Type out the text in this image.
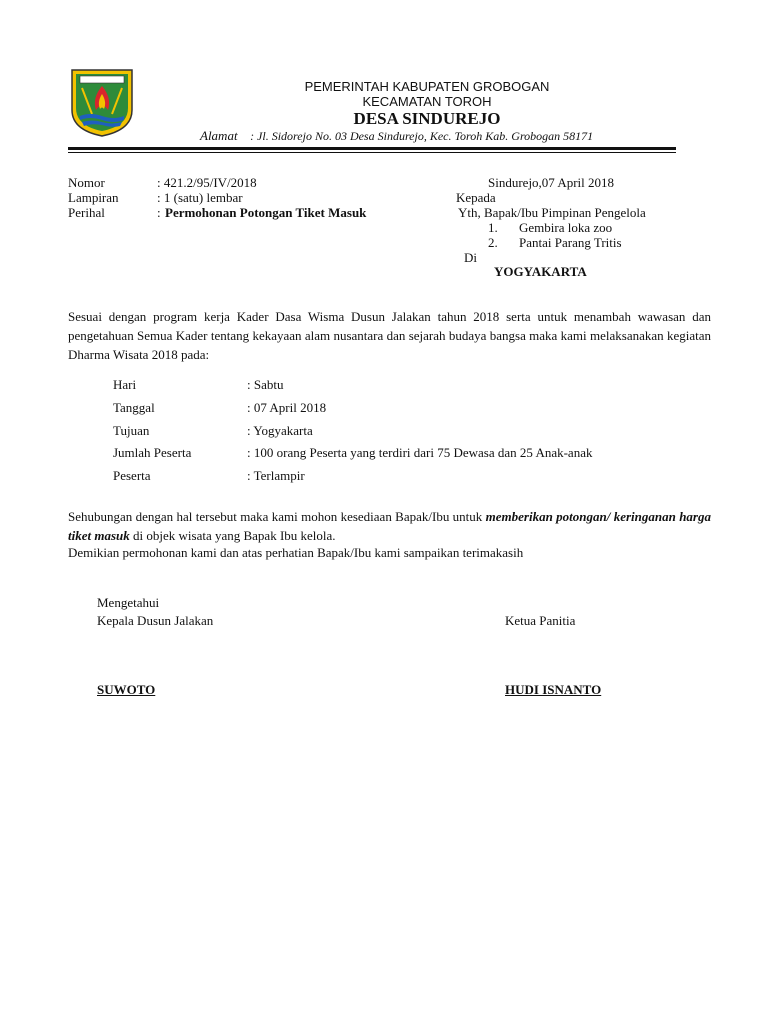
PEMERINTAH KABUPATEN GROBOGAN
KECAMATAN TOROH
DESA SINDUREJO
Alamat : Jl. Sidorejo No. 03 Desa Sindurejo, Kec. Toroh Kab. Grobogan 58171
Nomor	: 421.2/95/IV/2018
Lampiran	: 1 (satu) lembar
Perihal	: Permohonan Potongan Tiket Masuk
Sindurejo,07 April 2018
Kepada
Yth, Bapak/Ibu Pimpinan Pengelola
1. Gembira loka zoo
2. Pantai Parang Tritis
Di
YOGYAKARTA
Sesuai dengan program kerja Kader Dasa Wisma Dusun Jalakan tahun 2018 serta untuk menambah wawasan dan pengetahuan Semua Kader tentang kekayaan alam nusantara dan sejarah budaya bangsa maka kami melaksanakan kegiatan Dharma Wisata 2018 pada:
Hari	: Sabtu
Tanggal	: 07 April 2018
Tujuan	: Yogyakarta
Jumlah Peserta	: 100 orang Peserta yang terdiri dari 75 Dewasa dan 25 Anak-anak
Peserta	: Terlampir
Sehubungan dengan hal tersebut maka kami mohon kesediaan Bapak/Ibu untuk memberikan potongan/ keringanan harga tiket masuk di objek wisata yang Bapak Ibu kelola.
Demikian permohonan kami dan atas perhatian Bapak/Ibu kami sampaikan terimakasih
Mengetahui
Kepala Dusun Jalakan	Ketua Panitia
SUWOTO	HUDI ISNANTO
